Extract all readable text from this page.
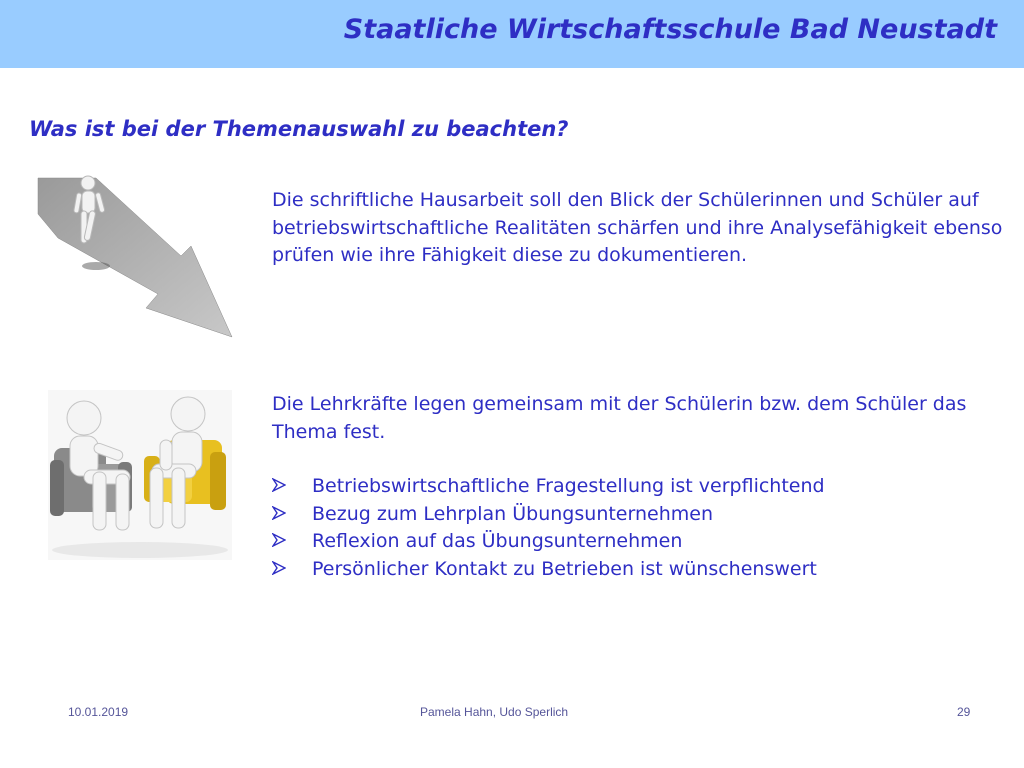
Staatliche Wirtschaftsschule Bad Neustadt
Was ist bei der Themenauswahl zu beachten?
Die schriftliche Hausarbeit soll den Blick der Schülerinnen und Schüler auf betriebswirtschaftliche Realitäten schärfen und ihre Analysefähigkeit ebenso prüfen wie ihre Fähigkeit diese zu dokumentieren.
Die Lehrkräfte legen gemeinsam mit der Schülerin bzw. dem Schüler das Thema fest.
Betriebswirtschaftliche Fragestellung ist verpflichtend
Bezug zum Lehrplan Übungsunternehmen
Reflexion auf das Übungsunternehmen
Persönlicher Kontakt zu Betrieben ist wünschenswert
10.01.2019	Pamela Hahn, Udo Sperlich	29
